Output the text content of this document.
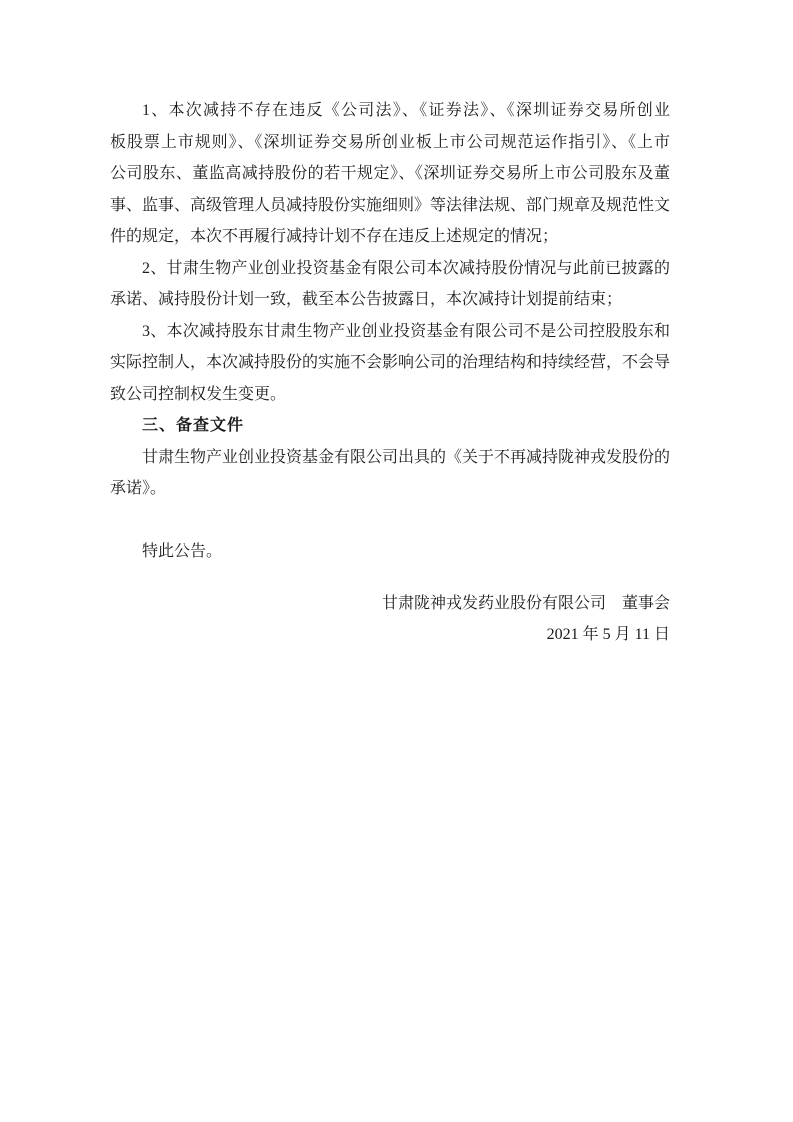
1、本次减持不存在违反《公司法》、《证券法》、《深圳证券交易所创业
板股票上市规则》、《深圳证券交易所创业板上市公司规范运作指引》、《上市
公司股东、董监高减持股份的若干规定》、《深圳证券交易所上市公司股东及董
事、监事、高级管理人员减持股份实施细则》等法律法规、部门规章及规范性文
件的规定，本次不再履行减持计划不存在违反上述规定的情况；
2、甘肃生物产业创业投资基金有限公司本次减持股份情况与此前已披露的
承诺、减持股份计划一致，截至本公告披露日，本次减持计划提前结束；
3、本次减持股东甘肃生物产业创业投资基金有限公司不是公司控股股东和
实际控制人，本次减持股份的实施不会影响公司的治理结构和持续经营，不会导
致公司控制权发生变更。
三、备查文件
甘肃生物产业创业投资基金有限公司出具的《关于不再减持陇神戎发股份的
承诺》。
特此公告。
甘肃陇神戎发药业股份有限公司　董事会
2021 年 5 月 11 日
